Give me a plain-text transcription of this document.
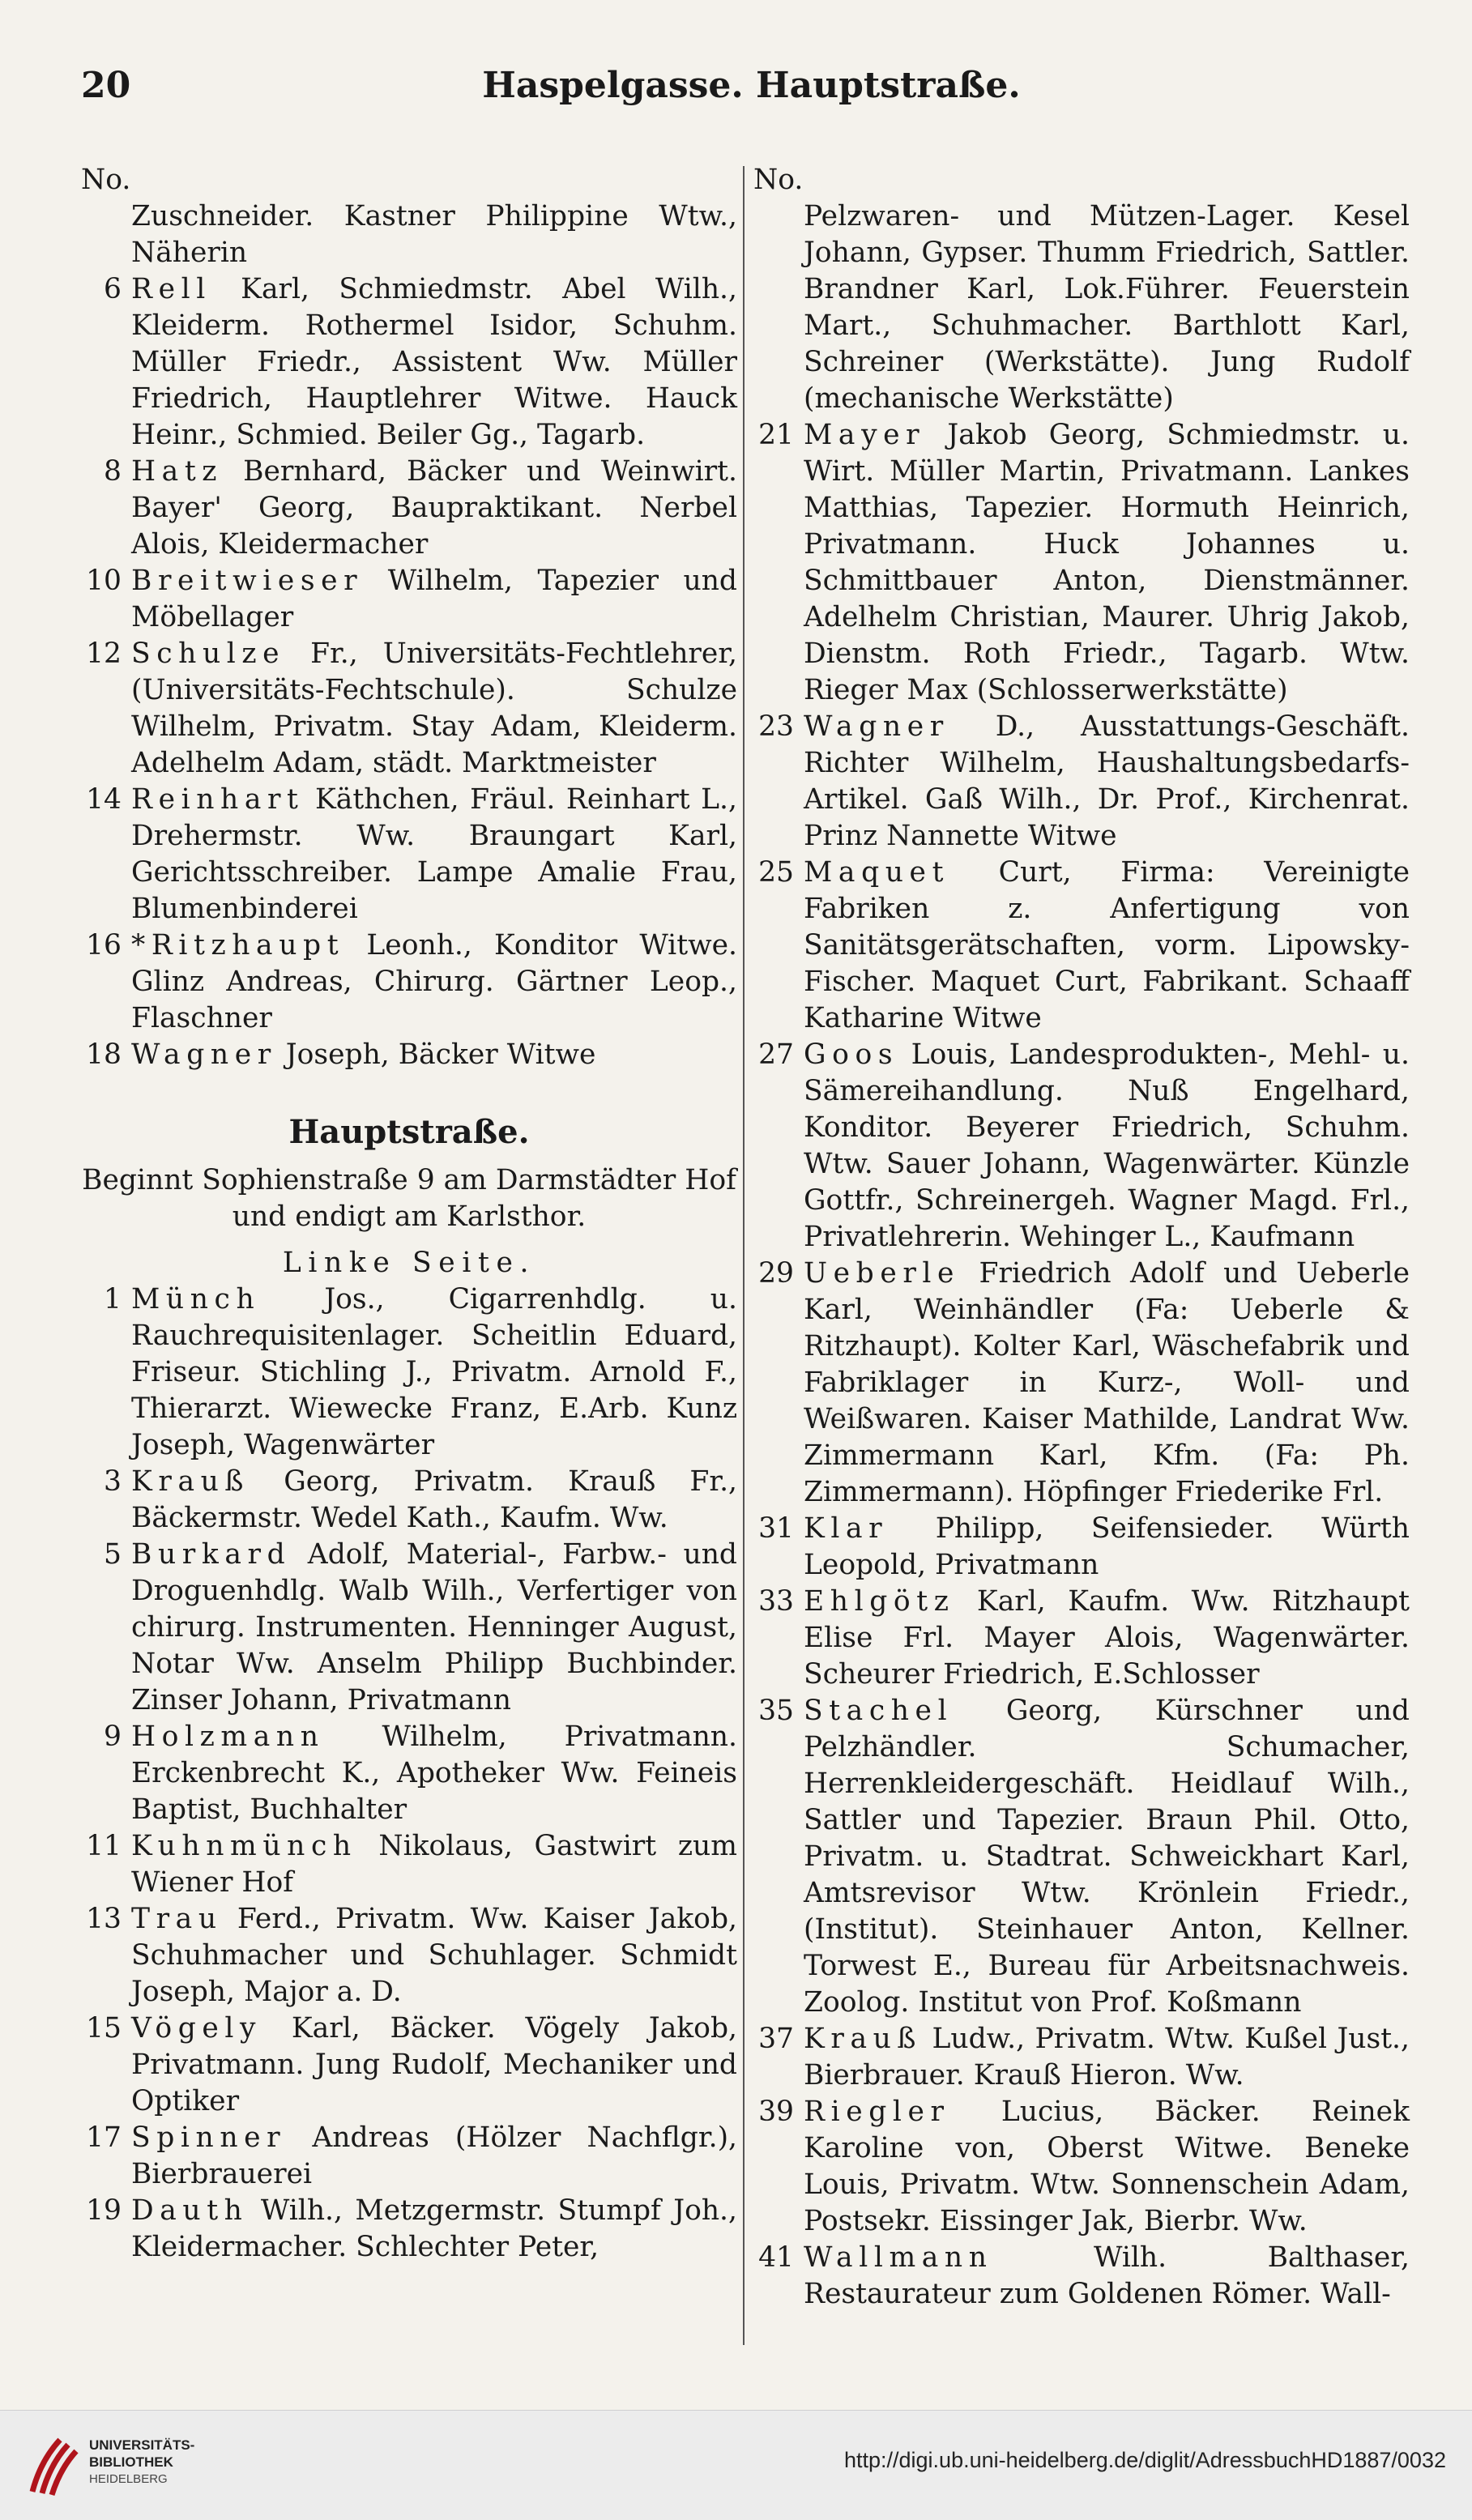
20	Haspelgasse. Hauptstraße.

No.

Zuschneider. Kastner Philippine Wtw., Näherin

6 Rell Karl, Schmiedmstr. Abel Wilh., Kleiderm. Rothermel Isidor, Schuhm. Müller Friedr., Assistent Ww. Müller Friedrich, Hauptlehrer Witwe. Hauck Heinr., Schmied. Beiler Gg., Tagarb.

8 Hatz Bernhard, Bäcker und Weinwirt. Bayer' Georg, Baupraktikant. Nerbel Alois, Kleidermacher

10 Breitwieser Wilhelm, Tapezier und Möbellager

12 Schulze Fr., Universitäts-Fechtlehrer, (Universitäts-Fechtschule). Schulze Wilhelm, Privatm. Stay Adam, Kleiderm. Adelhelm Adam, städt. Marktmeister

14 Reinhart Käthchen, Fräul. Reinhart L., Drehermstr. Ww. Braungart Karl, Gerichtsschreiber. Lampe Amalie Frau, Blumenbinderei

16 *Ritzhaupt Leonh., Konditor Witwe. Glinz Andreas, Chirurg. Gärtner Leop., Flaschner

18 Wagner Joseph, Bäcker Witwe

Hauptstraße.

Beginnt Sophienstraße 9 am Darmstädter Hof und endigt am Karlsthor.

Linke Seite.

1 Münch Jos., Cigarrenhdlg. u. Rauchrequisitenlager. Scheitlin Eduard, Friseur. Stichling J., Privatm. Arnold F., Thierarzt. Wiewecke Franz, E.Arb. Kunz Joseph, Wagenwärter

3 Krauß Georg, Privatm. Krauß Fr., Bäckermstr. Wedel Kath., Kaufm. Ww.

5 Burkard Adolf, Material-, Farbw.- und Droguenhdlg. Walb Wilh., Verfertiger von chirurg. Instrumenten. Henninger August, Notar Ww. Anselm Philipp Buchbinder. Zinser Johann, Privatmann

9 Holzmann Wilhelm, Privatmann. Erckenbrecht K., Apotheker Ww. Feineis Baptist, Buchhalter

11 Kuhnmünch Nikolaus, Gastwirt zum Wiener Hof

13 Trau Ferd., Privatm. Ww. Kaiser Jakob, Schuhmacher und Schuhlager. Schmidt Joseph, Major a. D.

15 Vögely Karl, Bäcker. Vögely Jakob, Privatmann. Jung Rudolf, Mechaniker und Optiker

17 Spinner Andreas (Hölzer Nachflgr.), Bierbrauerei

19 Dauth Wilh., Metzgermstr. Stumpf Joh., Kleidermacher. Schlechter Peter,

No.

Pelzwaren- und Mützen-Lager. Kesel Johann, Gypser. Thumm Friedrich, Sattler. Brandner Karl, Lok.Führer. Feuerstein Mart., Schuhmacher. Barthlott Karl, Schreiner (Werkstätte). Jung Rudolf (mechanische Werkstätte)

21 Mayer Jakob Georg, Schmiedmstr. u. Wirt. Müller Martin, Privatmann. Lankes Matthias, Tapezier. Hormuth Heinrich, Privatmann. Huck Johannes u. Schmittbauer Anton, Dienstmänner. Adelhelm Christian, Maurer. Uhrig Jakob, Dienstm. Roth Friedr., Tagarb. Wtw. Rieger Max (Schlosserwerkstätte)

23 Wagner D., Ausstattungs-Geschäft. Richter Wilhelm, Haushaltungsbedarfs-Artikel. Gaß Wilh., Dr. Prof., Kirchenrat. Prinz Nannette Witwe

25 Maquet Curt, Firma: Vereinigte Fabriken z. Anfertigung von Sanitätsgerätschaften, vorm. Lipowsky-Fischer. Maquet Curt, Fabrikant. Schaaff Katharine Witwe

27 Goos Louis, Landesprodukten-, Mehl- u. Sämereihandlung. Nuß Engelhard, Konditor. Beyerer Friedrich, Schuhm. Wtw. Sauer Johann, Wagenwärter. Künzle Gottfr., Schreinergeh. Wagner Magd. Frl., Privatlehrerin. Wehinger L., Kaufmann

29 Ueberle Friedrich Adolf und Ueberle Karl, Weinhändler (Fa: Ueberle & Ritzhaupt). Kolter Karl, Wäschefabrik und Fabriklager in Kurz-, Woll- und Weißwaren. Kaiser Mathilde, Landrat Ww. Zimmermann Karl, Kfm. (Fa: Ph. Zimmermann). Höpfinger Friederike Frl.

31 Klar Philipp, Seifensieder. Würth Leopold, Privatmann

33 Ehlgötz Karl, Kaufm. Ww. Ritzhaupt Elise Frl. Mayer Alois, Wagenwärter. Scheurer Friedrich, E.Schlosser

35 Stachel Georg, Kürschner und Pelzhändler. Schumacher, Herrenkleidergeschäft. Heidlauf Wilh., Sattler und Tapezier. Braun Phil. Otto, Privatm. u. Stadtrat. Schweickhart Karl, Amtsrevisor Wtw. Krönlein Friedr., (Institut). Steinhauer Anton, Kellner. Torwest E., Bureau für Arbeitsnachweis. Zoolog. Institut von Prof. Koßmann

37 Krauß Ludw., Privatm. Wtw. Kußel Just., Bierbrauer. Krauß Hieron. Ww.

39 Riegler Lucius, Bäcker. Reinek Karoline von, Oberst Witwe. Beneke Louis, Privatm. Wtw. Sonnenschein Adam, Postsekr. Eissinger Jak, Bierbr. Ww.

41 Wallmann Wilh. Balthaser, Restaurateur zum Goldenen Römer. Wall-

UNIVERSITÄTS-
BIBLIOTHEK
HEIDELBERG
http://digi.ub.uni-heidelberg.de/diglit/AdressbuchHD1887/0032
